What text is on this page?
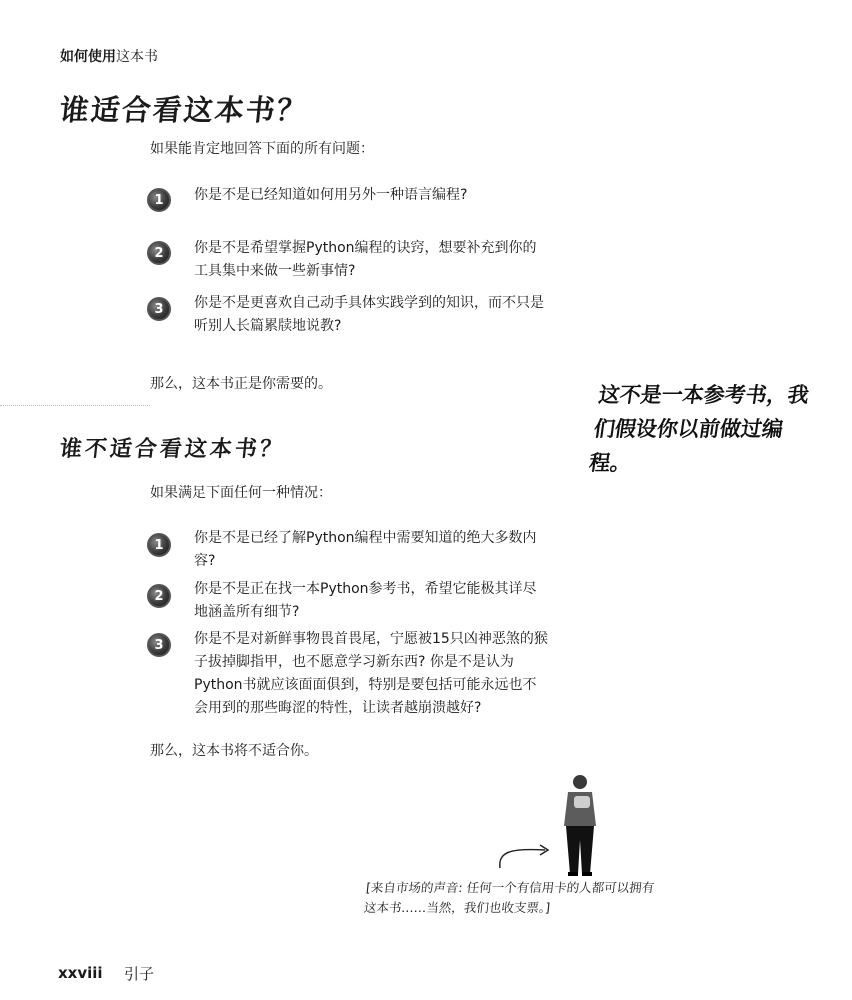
如何使用这本书
谁适合看这本书？
如果能肯定地回答下面的所有问题：
1	你是不是已经知道如何用另外一种语言编程?
2	你是不是希望掌握Python编程的诀窍，想要补充到你的工具集中来做一些新事情?
3	你是不是更喜欢自己动手具体实践学到的知识，而不只是听别人长篇累牍地说教?
那么，这本书正是你需要的。
谁不适合看这本书？
如果满足下面任何一种情况：
1	你是不是已经了解Python编程中需要知道的绝大多数内容?
2	你是不是正在找一本Python参考书，希望它能极其详尽地涵盖所有细节?
3	你是不是对新鲜事物畏首畏尾，宁愿被15只凶神恶煞的猴子拔掉脚指甲，也不愿意学习新东西? 你是不是认为Python书就应该面面俱到，特别是要包括可能永远也不会用到的那些晦涩的特性，让读者越崩溃越好?
那么，这本书将不适合你。
这不是一本参考书，我们假设你以前做过编程。
[来自市场的声音: 任何一个有信用卡的人都可以拥有这本书……当然，我们也收支票。]
xxviii 引子
